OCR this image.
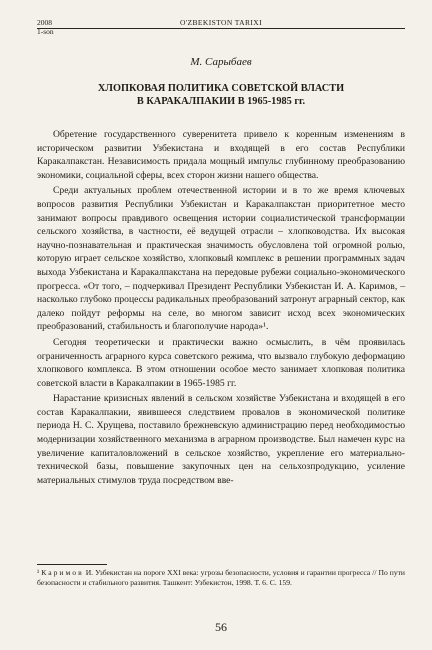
2008
1-son
O'ZBEKISTON TARIXI
М. Сарыбаев
ХЛОПКОВАЯ ПОЛИТИКА СОВЕТСКОЙ ВЛАСТИ
В КАРАКАЛПАКИИ В 1965-1985 гг.

Обретение государственного суверенитета привело к коренным изменениям в историческом развитии Узбекистана и входящей в его состав Республики Каракалпакстан. Независимость придала мощный импульс глубинному преобразованию экономики, социальной сферы, всех сторон жизни нашего общества.

Среди актуальных проблем отечественной истории и в то же время ключевых вопросов развития Республики Узбекистан и Каракалпакстан приоритетное место занимают вопросы правдивого освещения истории социалистической трансформации сельского хозяйства, в частности, её ведущей отрасли – хлопководства. Их высокая научно-познавательная и практическая значимость обусловлена той огромной ролью, которую играет сельское хозяйство, хлопковый комплекс в решении программных задач выхода Узбекистана и Каракалпакстана на передовые рубежи социально-экономического прогресса. «От того, – подчеркивал Президент Республики Узбекистан И. А. Каримов, – насколько глубоко процессы радикальных преобразований затронут аграрный сектор, как далеко пойдут реформы на селе, во многом зависит исход всех экономических преобразований, стабильность и благополучие народа»¹.

Сегодня теоретически и практически важно осмыслить, в чём проявилась ограниченность аграрного курса советского режима, что вызвало глубокую деформацию хлопкового комплекса. В этом отношении особое место занимает хлопковая политика советской власти в Каракалпакии в 1965-1985 гг.

Нарастание кризисных явлений в сельском хозяйстве Узбекистана и входящей в его состав Каракалпакии, явившееся следствием провалов в экономической политике периода Н. С. Хрущева, поставило брежневскую администрацию перед необходимостью модернизации хозяйственного механизма в аграрном производстве. Был намечен курс на увеличение капиталовложений в сельское хозяйство, укрепление его материально-технической базы, повышение закупочных цен на сельхозпродукцию, усиление материальных стимулов труда посредством вве-

¹ Каримов И. Узбекистан на пороге XXI века: угрозы безопасности, условия и гарантии прогресса // По пути безопасности и стабильного развития. Ташкент: Узбекистон, 1998. Т. 6. С. 159.
56
